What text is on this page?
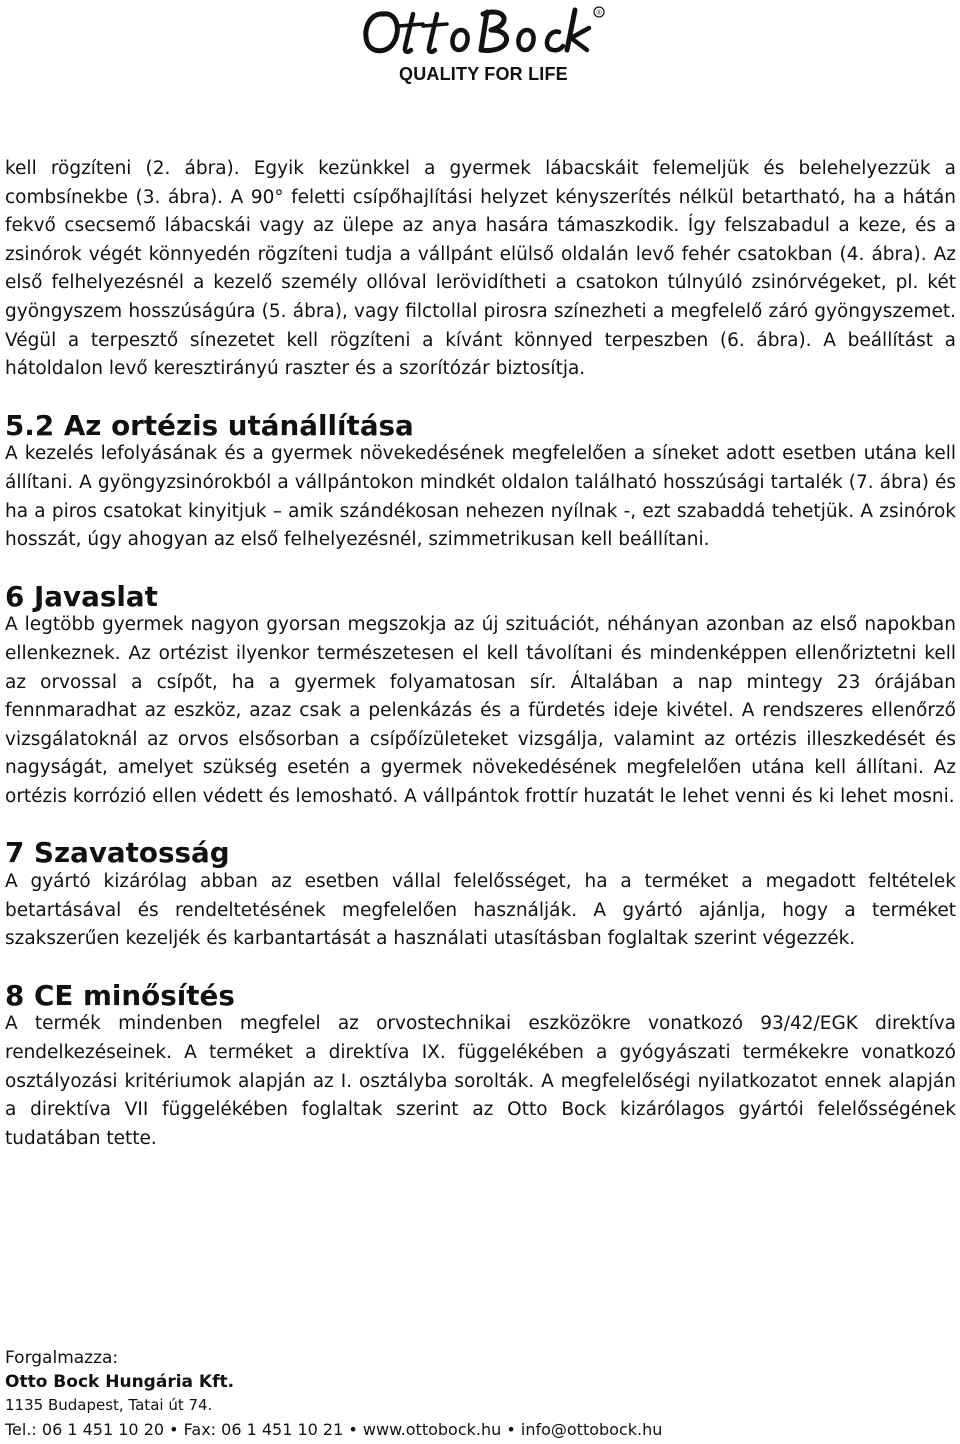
®
QUALITY FOR LIFE

kell rögzíteni (2. ábra). Egyik kezünkkel a gyermek lábacskáit felemeljük és belehelyezzük a combsínekbe (3. ábra). A 90° feletti csípőhajlítási helyzet kényszerítés nélkül betartható, ha a hátán fekvő csecsemő lábacskái vagy az ülepe az anya hasára támaszkodik. Így felszabadul a keze, és a zsinórok végét könnyedén rögzíteni tudja a vállpánt elülső oldalán levő fehér csatokban (4. ábra). Az első felhelyezésnél a kezelő személy ollóval lerövidítheti a csatokon túlnyúló zsinórvégeket, pl. két gyöngyszem hosszúságúra (5. ábra), vagy filctollal pirosra színezheti a megfelelő záró gyöngyszemet. Végül a terpesztő sínezetet kell rögzíteni a kívánt könnyed terpeszben (6. ábra). A beállítást a hátoldalon levő keresztirányú raszter és a szorítózár biztosítja.

5.2 Az ortézis utánállítása

A kezelés lefolyásának és a gyermek növekedésének megfelelően a síneket adott esetben utána kell állítani. A gyöngyzsinórokból a vállpántokon mindkét oldalon található hosszúsági tartalék (7. ábra) és ha a piros csatokat kinyitjuk – amik szándékosan nehezen nyílnak -, ezt szabaddá tehetjük. A zsinórok hosszát, úgy ahogyan az első felhelyezésnél, szimmetrikusan kell beállítani.

6 Javaslat

A legtöbb gyermek nagyon gyorsan megszokja az új szituációt, néhányan azonban az első napokban ellenkeznek. Az ortézist ilyenkor természetesen el kell távolítani és mindenképpen ellenőriztetni kell az orvossal a csípőt, ha a gyermek folyamatosan sír. Általában a nap mintegy 23 órájában fennmaradhat az eszköz, azaz csak a pelenkázás és a fürdetés ideje kivétel. A rendszeres ellenőrző vizsgálatoknál az orvos elsősorban a csípőízületeket vizsgálja, valamint az ortézis illeszkedését és nagyságát, amelyet szükség esetén a gyermek növekedésének megfelelően utána kell állítani. Az ortézis korrózió ellen védett és lemosható. A vállpántok frottír huzatát le lehet venni és ki lehet mosni.

7 Szavatosság

A gyártó kizárólag abban az esetben vállal felelősséget, ha a terméket a megadott feltételek betartásával és rendeltetésének megfelelően használják. A gyártó ajánlja, hogy a terméket szakszerűen kezeljék és karbantartását a használati utasításban foglaltak szerint végezzék.

8 CE minősítés

A termék mindenben megfelel az orvostechnikai eszközökre vonatkozó 93/42/EGK direktíva rendelkezéseinek. A terméket a direktíva IX. függelékében a gyógyászati termékekre vonatkozó osztályozási kritériumok alapján az I. osztályba sorolták. A megfelelőségi nyilatkozatot ennek alapján a direktíva VII függelékében foglaltak szerint az Otto Bock kizárólagos gyártói felelősségének tudatában tette.

Forgalmazza:
Otto Bock Hungária Kft.
1135 Budapest, Tatai út 74.
Tel.: 06 1 451 10 20 • Fax: 06 1 451 10 21 • www.ottobock.hu • info@ottobock.hu
